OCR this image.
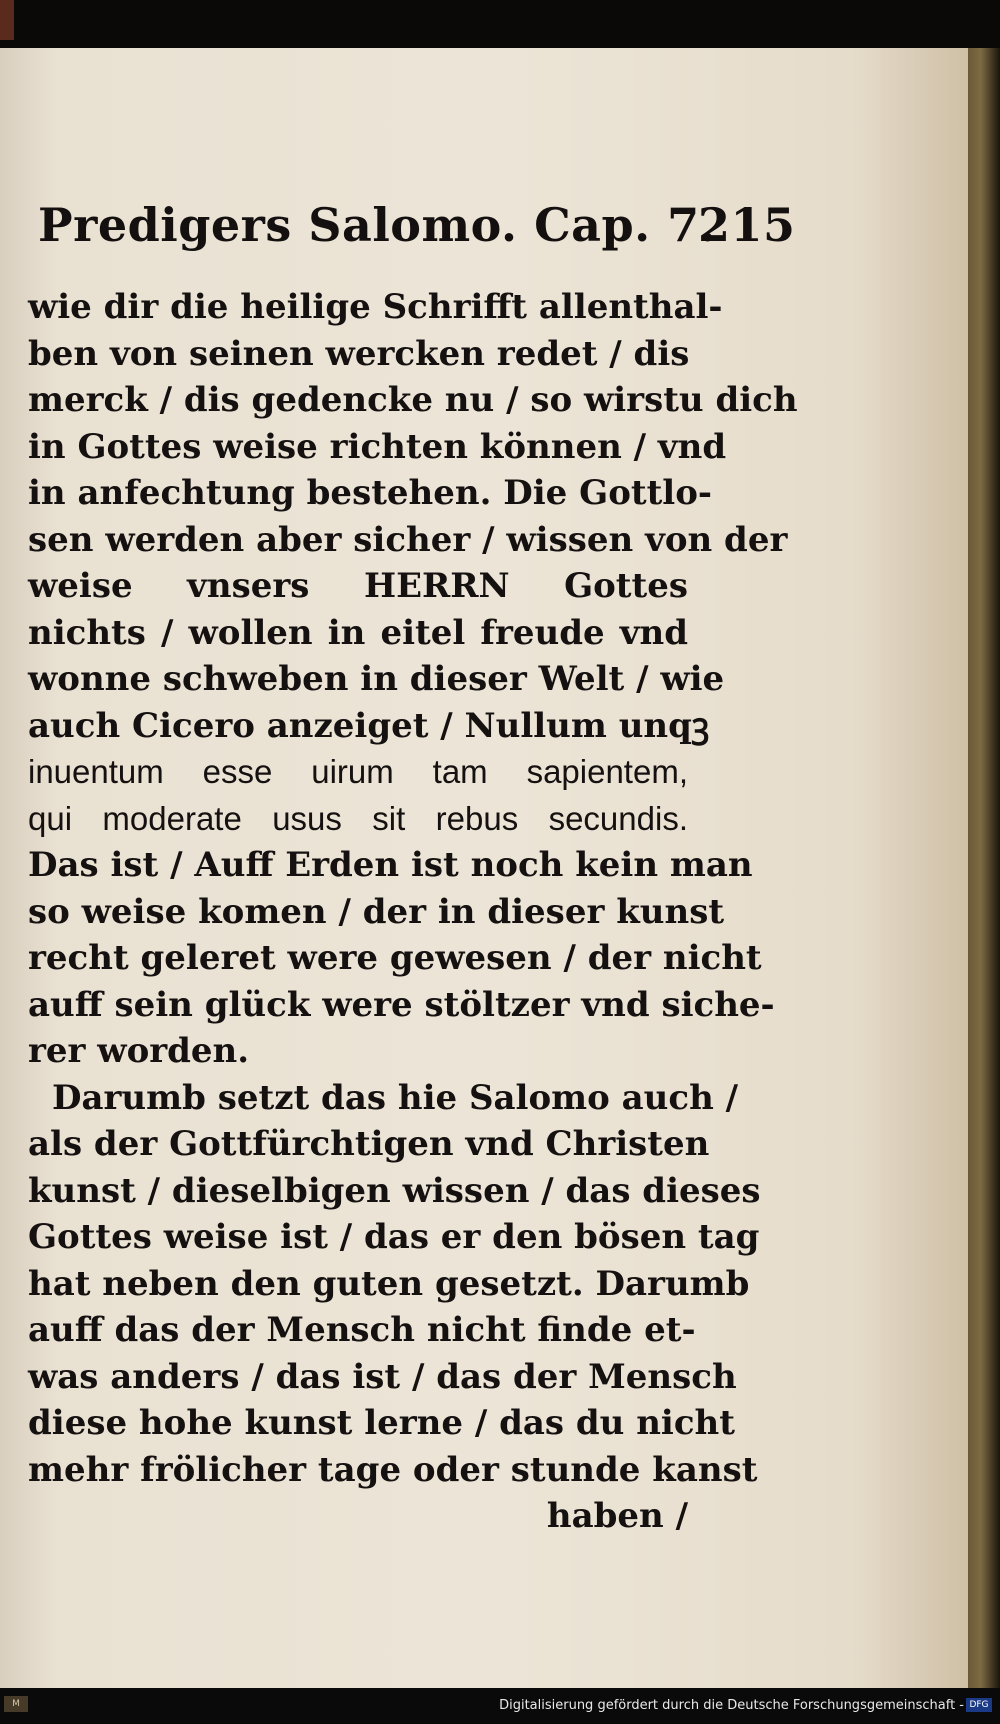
Predigers Salomo. Cap. 7.
215
wie dir die heilige Schrifft allenthal-
ben von seinen wercken redet / dis
merck / dis gedencke nu / so wirstu dich
in Gottes weise richten können / vnd
in anfechtung bestehen. Die Gottlo-
sen werden aber sicher / wissen von der
weise vnsers HERRN Gottes
nichts / wollen in eitel freude vnd
wonne schweben in dieser Welt / wie
auch Cicero anzeiget / Nullum unqꝫ
inuentum esse uirum tam sapientem,
qui moderate usus sit rebus secundis.
Das ist / Auff Erden ist noch kein man
so weise komen / der in dieser kunst
recht geleret were gewesen / der nicht
auff sein glück were stöltzer vnd siche-
rer worden.
Darumb setzt das hie Salomo auch /
als der Gottfürchtigen vnd Christen
kunst / dieselbigen wissen / das dieses
Gottes weise ist / das er den bösen tag
hat neben den guten gesetzt. Darumb
auff das der Mensch nicht finde et-
was anders / das ist / das der Mensch
diese hohe kunst lerne / das du nicht
mehr frölicher tage oder stunde kanst
haben /
M	Digitalisierung gefördert durch die Deutsche Forschungsgemeinschaft - DFG
